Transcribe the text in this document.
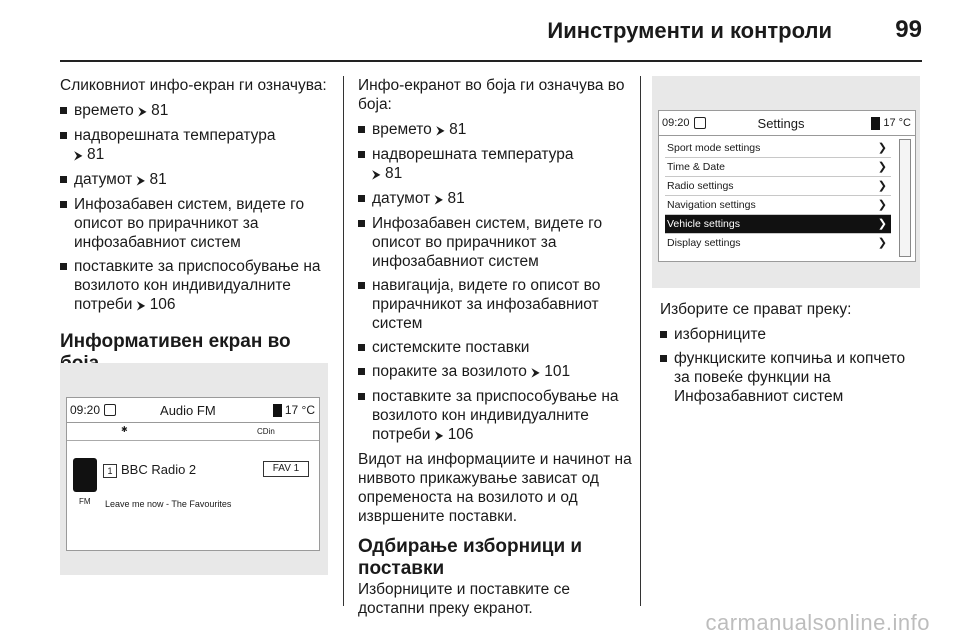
Иинструменти и контроли	99

Сликовниот инфо-екран ги означува:

времето ⮞ 81
надворешната температура
⮞ 81
датумот ⮞ 81
Инфозабавен систем, видете го описот во прирачникот за инфозабавниот систем
поставките за приспособување на возилото кон индивидуалните потреби ⮞ 106
Информативен екран во
09:20	Audio FM	17 °C
✱	CDin
1 BBC Radio 2	FAV 1
FM Leave me now - The Favourites

Инфо-екранот во боја ги означува во боја:

времето ⮞ 81
надворешната температура
⮞ 81
датумот ⮞ 81
Инфозабавен систем, видете го описот во прирачникот за инфозабавниот систем
навигација, видете го описот во прирачникот за инфозабавниот систем
системските поставки
пораките за возилото ⮞ 101
поставките за приспособување на возилото кон индивидуалните потреби ⮞ 106

Видот на информациите и начинот на ниввото прикажување зависат од опременоста на возилото и од извршените поставки.

Одбирање изборници и поставки

Изборниците и поставките се достапни преку екранот.

09:20	Settings	17 °C
Sport mode settings	❯
Time & Date	❯
Radio settings	❯
Navigation settings	❯
Vehicle settings	❯
Display settings	❯

Изборите се прават преку:

изборниците
функциските копчиња и копчето за повеќе функции на Инфозабавниот систем
carmanualsonline.info
